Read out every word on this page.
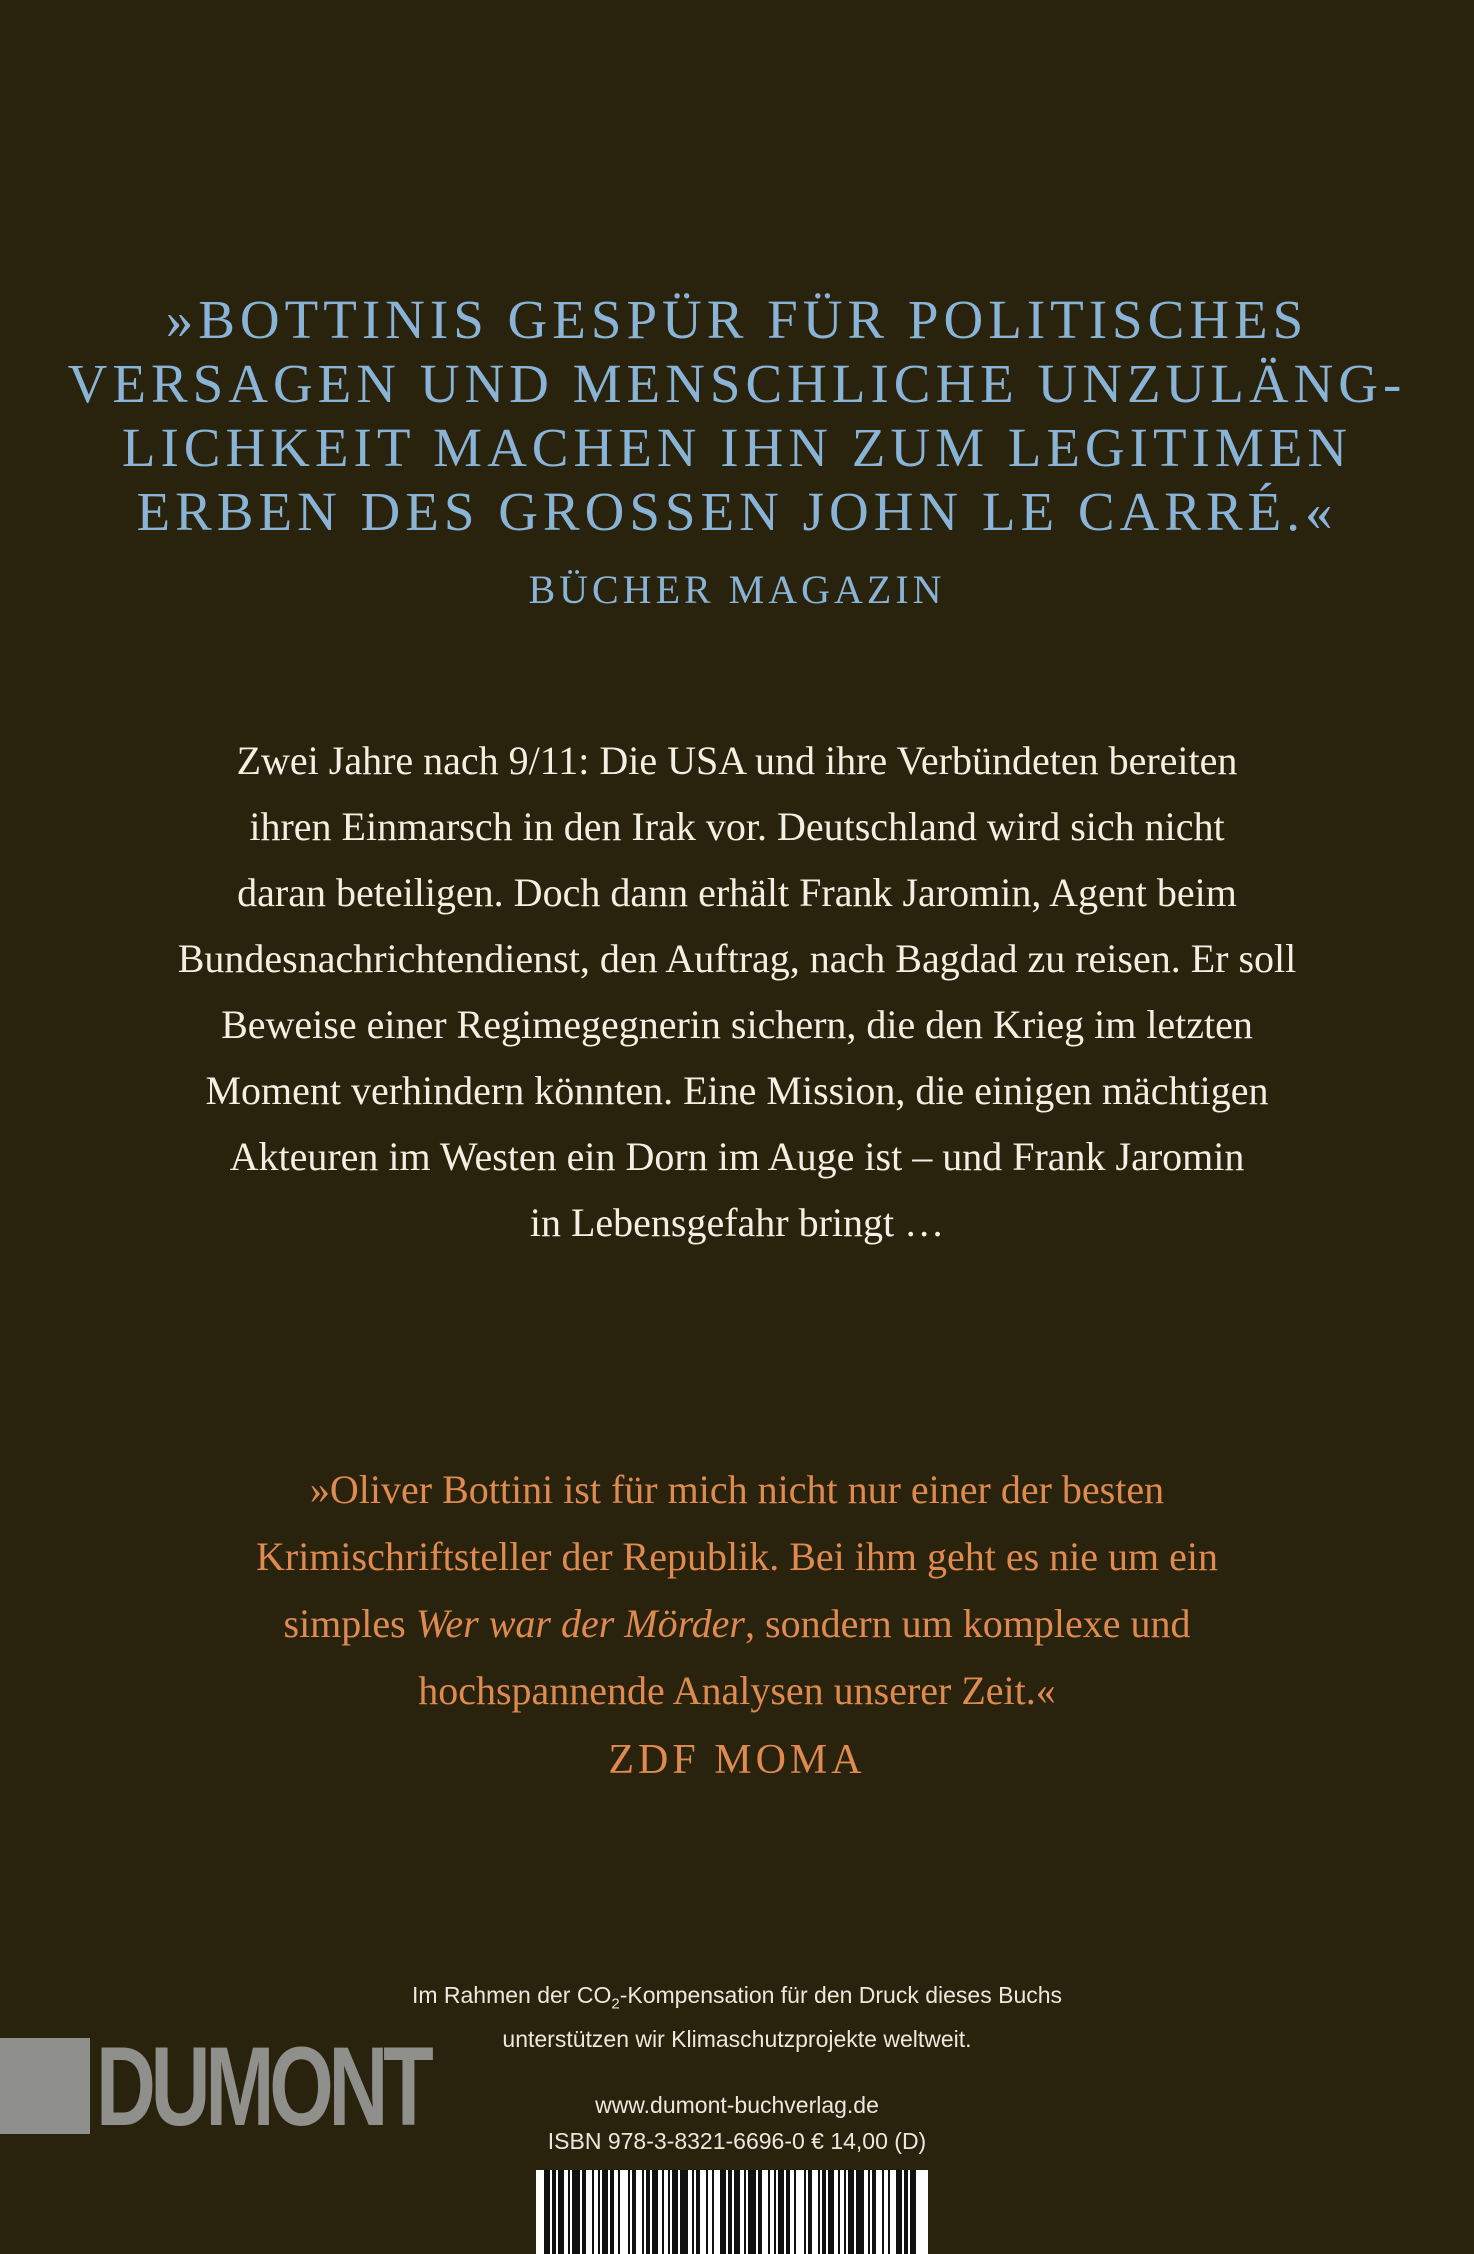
»BOTTINIS GESPÜR FÜR POLITISCHES
VERSAGEN UND MENSCHLICHE UNZULÄNG-
LICHKEIT MACHEN IHN ZUM LEGITIMEN
ERBEN DES GROSSEN JOHN LE CARRÉ.«
BÜCHER MAGAZIN
Zwei Jahre nach 9/11: Die USA und ihre Verbündeten bereiten
ihren Einmarsch in den Irak vor. Deutschland wird sich nicht
daran beteiligen. Doch dann erhält Frank Jaromin, Agent beim
Bundesnachrichtendienst, den Auftrag, nach Bagdad zu reisen. Er soll
Beweise einer Regimegegnerin sichern, die den Krieg im letzten
Moment verhindern könnten. Eine Mission, die einigen mächtigen
Akteuren im Westen ein Dorn im Auge ist – und Frank Jaromin
in Lebensgefahr bringt …
»Oliver Bottini ist für mich nicht nur einer der besten
Krimischriftsteller der Republik. Bei ihm geht es nie um ein
simples Wer war der Mörder, sondern um komplexe und
hochspannende Analysen unserer Zeit.«
ZDF MOMA
Im Rahmen der $CO_2$-Kompensation für den Druck dieses Buchs
unterstützen wir Klimaschutzprojekte weltweit.
www.dumont-buchverlag.de
ISBN 978-3-8321-6696-0 € 14,00 (D)
DUMONT
